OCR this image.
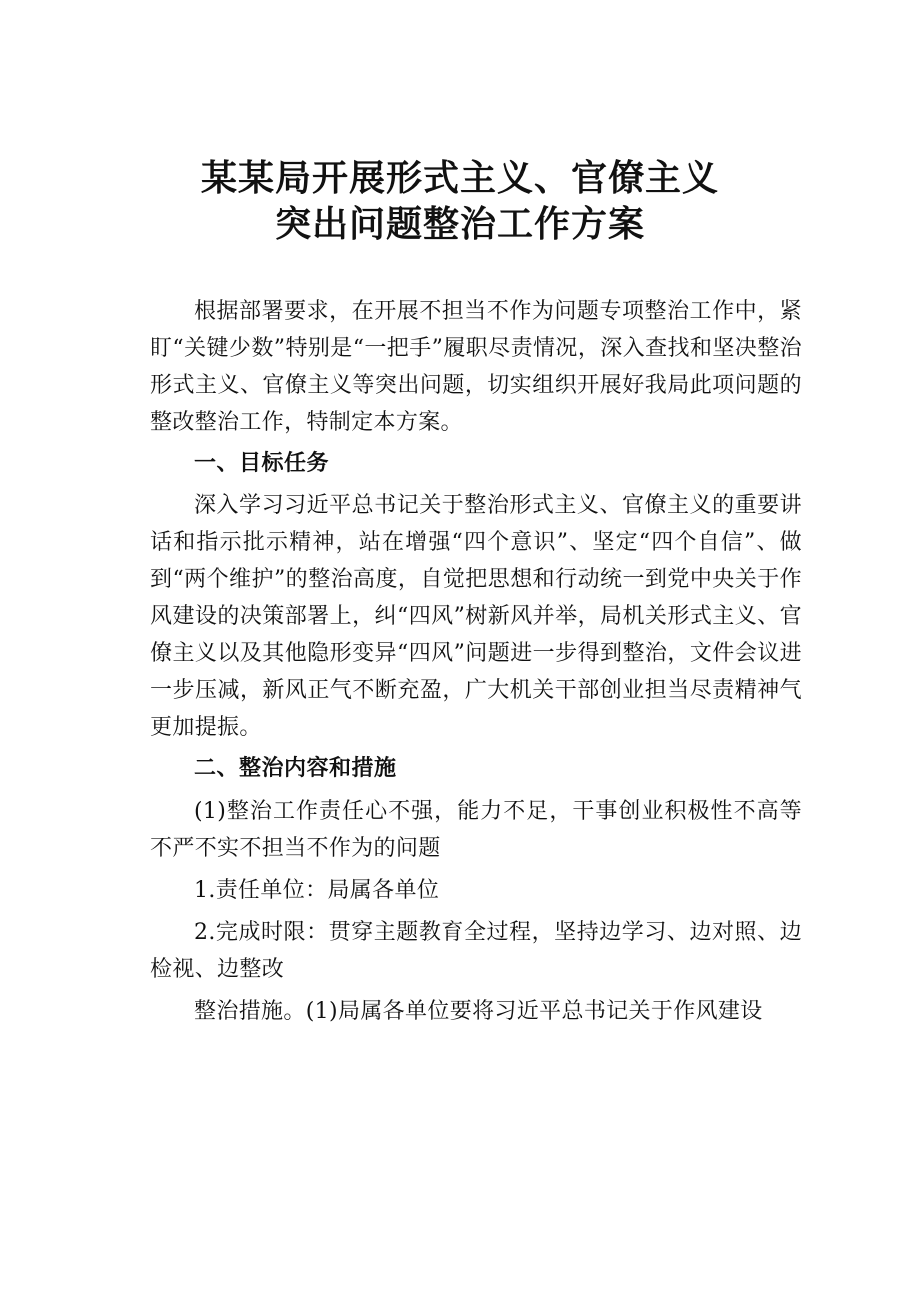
某某局开展形式主义、官僚主义
突出问题整治工作方案

根据部署要求，在开展不担当不作为问题专项整治工作中，紧盯“关键少数”特别是“一把手”履职尽责情况，深入查找和坚决整治形式主义、官僚主义等突出问题，切实组织开展好我局此项问题的整改整治工作，特制定本方案。

一、目标任务

深入学习习近平总书记关于整治形式主义、官僚主义的重要讲话和指示批示精神，站在增强“四个意识”、坚定“四个自信”、做到“两个维护”的整治高度，自觉把思想和行动统一到党中央关于作风建设的决策部署上，纠“四风”树新风并举，局机关形式主义、官僚主义以及其他隐形变异“四风”问题进一步得到整治，文件会议进一步压减，新风正气不断充盈，广大机关干部创业担当尽责精神气更加提振。

二、整治内容和措施

(1)整治工作责任心不强，能力不足，干事创业积极性不高等不严不实不担当不作为的问题

1.责任单位：局属各单位

2.完成时限：贯穿主题教育全过程，坚持边学习、边对照、边检视、边整改

整治措施。(1)局属各单位要将习近平总书记关于作风建设
